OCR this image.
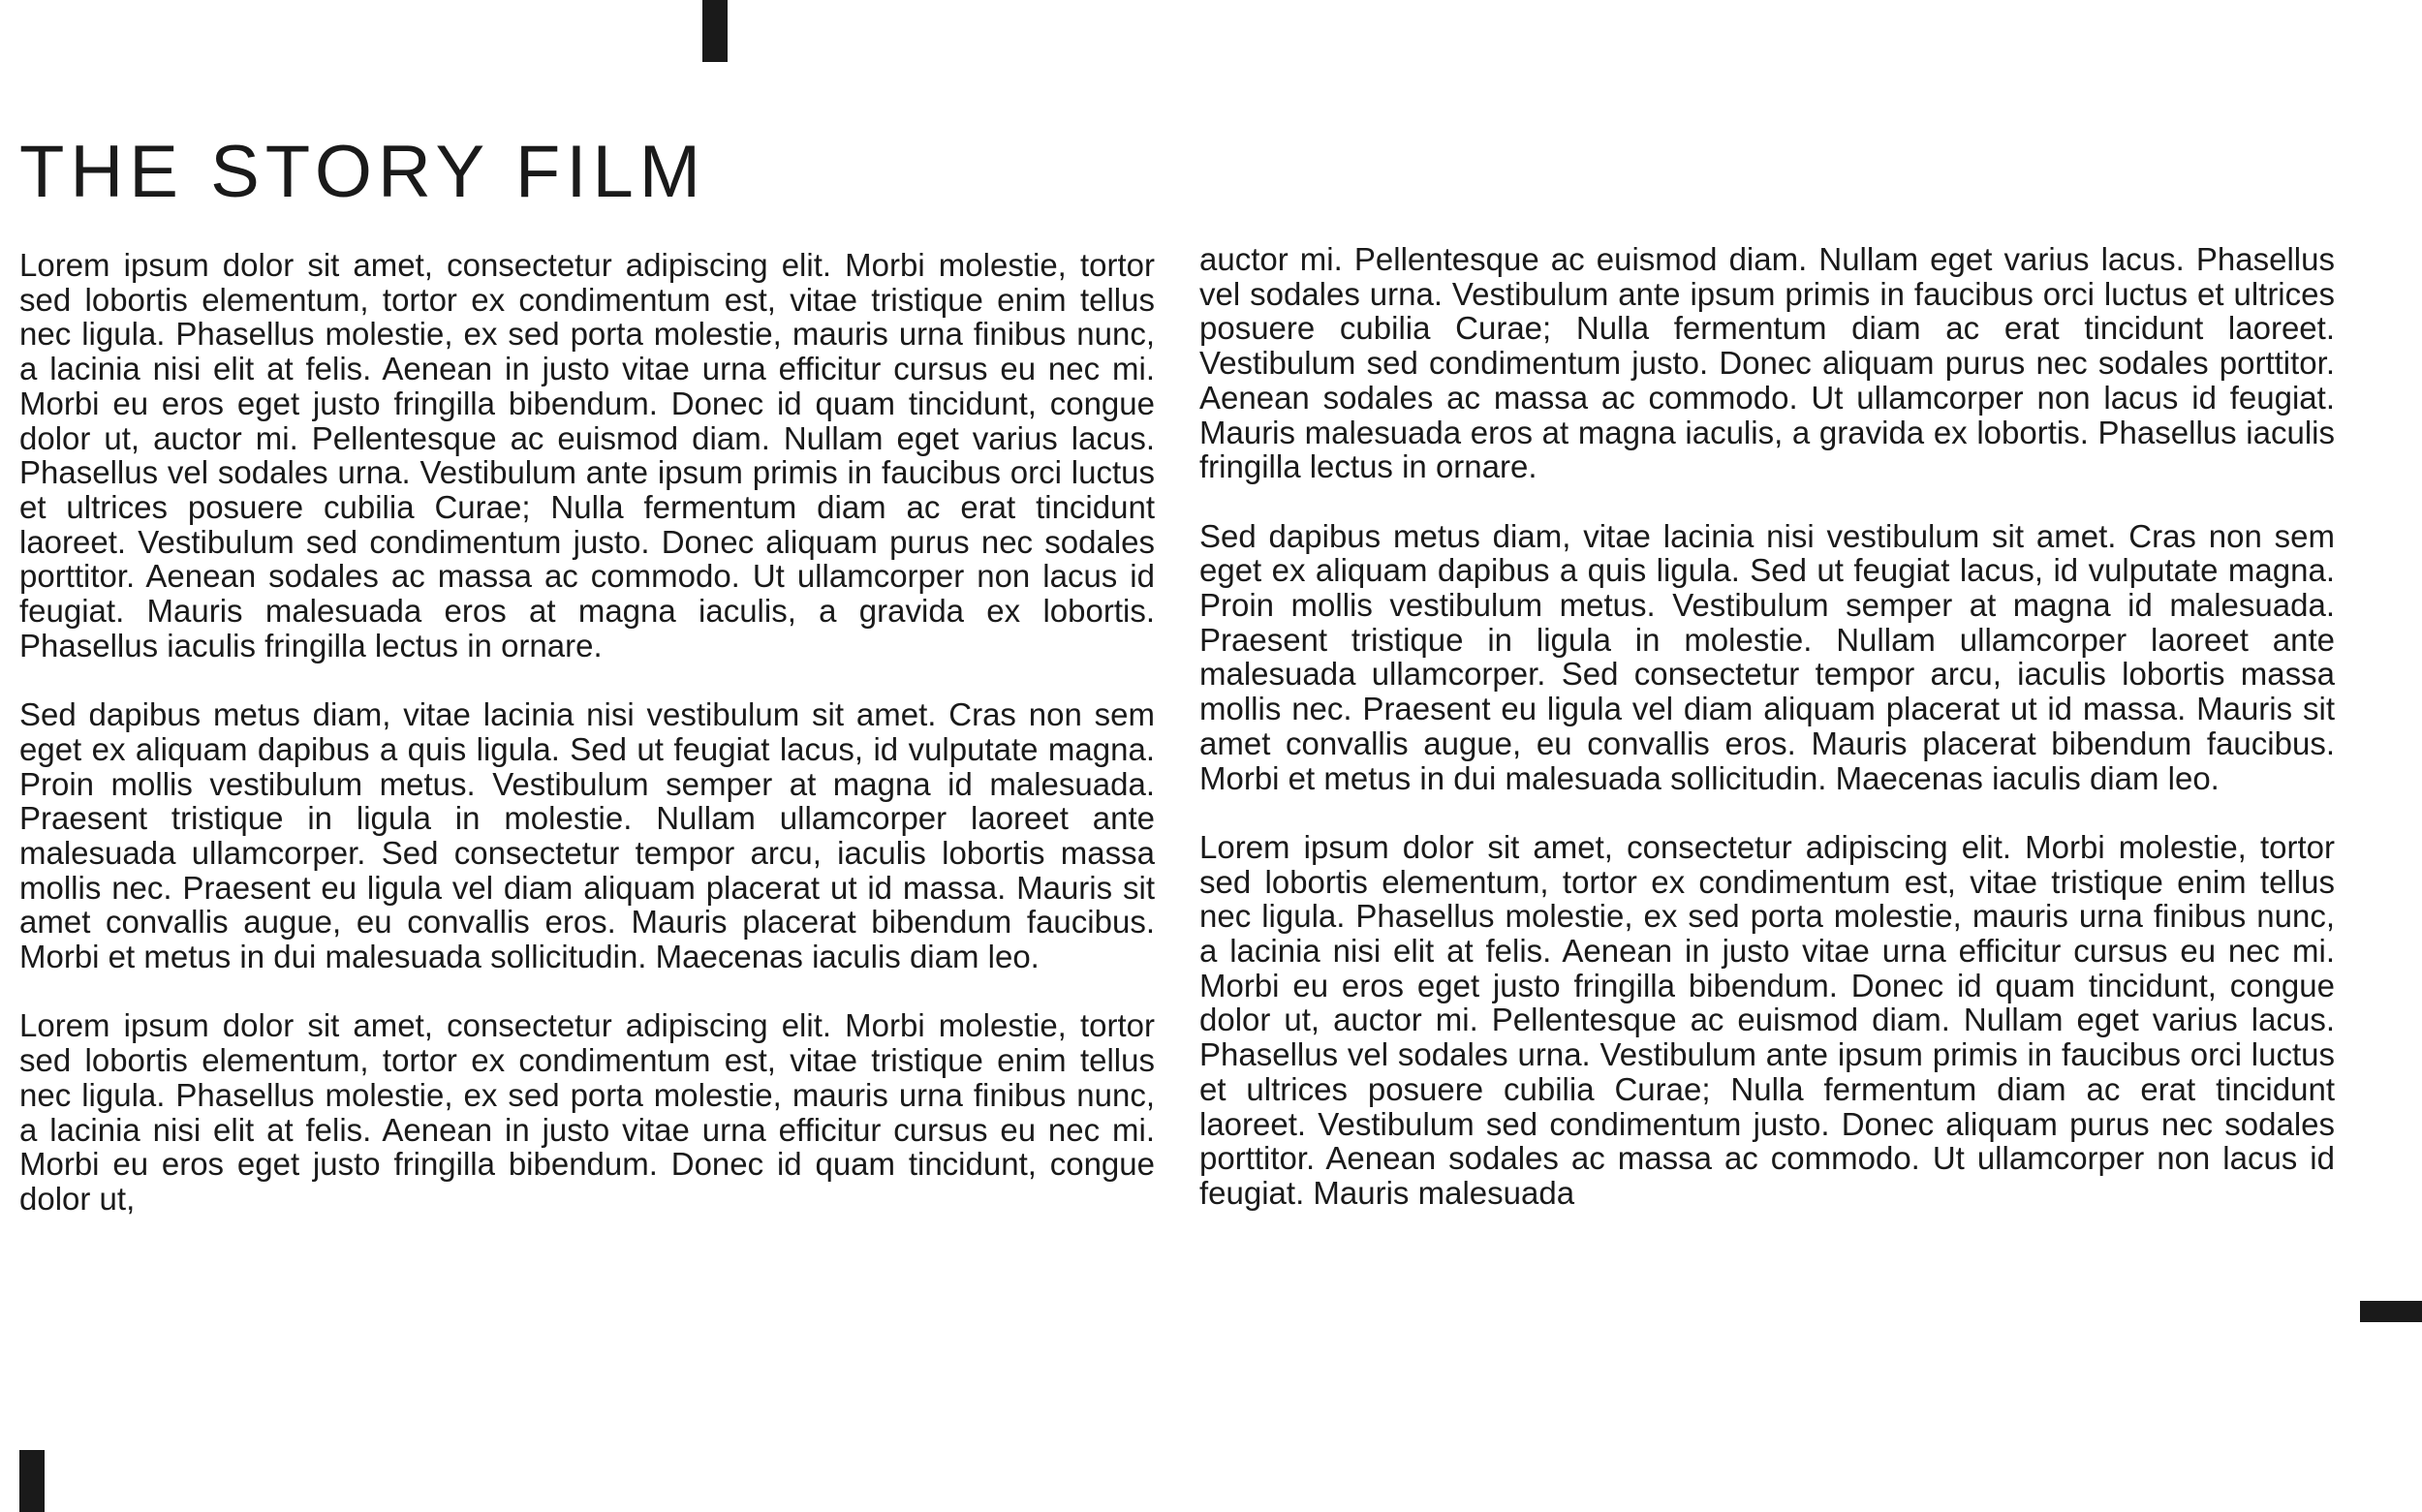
THE STORY FILM

Lorem ipsum dolor sit amet, consectetur adipiscing elit. Morbi molestie, tortor sed lobortis elementum, tortor ex condimentum est, vitae tristique enim tellus nec ligula. Phasellus molestie, ex sed porta molestie, mauris urna finibus nunc, a lacinia nisi elit at felis. Aenean in justo vitae urna efficitur cursus eu nec mi. Morbi eu eros eget justo fringilla bibendum. Donec id quam tincidunt, congue dolor ut, auctor mi. Pellentesque ac euismod diam. Nullam eget varius lacus. Phasellus vel sodales urna. Vestibulum ante ipsum primis in faucibus orci luctus et ultrices posuere cubilia Curae; Nulla fermentum diam ac erat tincidunt laoreet. Vestibulum sed condimentum justo. Donec aliquam purus nec sodales porttitor. Aenean sodales ac massa ac commodo. Ut ullamcorper non lacus id feugiat. Mauris malesuada eros at magna iaculis, a gravida ex lobortis. Phasellus iaculis fringilla lectus in ornare.

Sed dapibus metus diam, vitae lacinia nisi vestibulum sit amet. Cras non sem eget ex aliquam dapibus a quis ligula. Sed ut feugiat lacus, id vulputate magna. Proin mollis vestibulum metus. Vestibulum semper at magna id malesuada. Praesent tristique in ligula in molestie. Nullam ullamcorper laoreet ante malesuada ullamcorper. Sed consectetur tempor arcu, iaculis lobortis massa mollis nec. Praesent eu ligula vel diam aliquam placerat ut id massa. Mauris sit amet convallis augue, eu convallis eros. Mauris placerat bibendum faucibus. Morbi et metus in dui malesuada sollicitudin. Maecenas iaculis diam leo.

Lorem ipsum dolor sit amet, consectetur adipiscing elit. Morbi molestie, tortor sed lobortis elementum, tortor ex condimentum est, vitae tristique enim tellus nec ligula. Phasellus molestie, ex sed porta molestie, mauris urna finibus nunc, a lacinia nisi elit at felis. Aenean in justo vitae urna efficitur cursus eu nec mi. Morbi eu eros eget justo fringilla bibendum. Donec id quam tincidunt, congue dolor ut,

auctor mi. Pellentesque ac euismod diam. Nullam eget varius lacus. Phasellus vel sodales urna. Vestibulum ante ipsum primis in faucibus orci luctus et ultrices posuere cubilia Curae; Nulla fermentum diam ac erat tincidunt laoreet. Vestibulum sed condimentum justo. Donec aliquam purus nec sodales porttitor. Aenean sodales ac massa ac commodo. Ut ullamcorper non lacus id feugiat. Mauris malesuada eros at magna iaculis, a gravida ex lobortis. Phasellus iaculis fringilla lectus in ornare.

Sed dapibus metus diam, vitae lacinia nisi vestibulum sit amet. Cras non sem eget ex aliquam dapibus a quis ligula. Sed ut feugiat lacus, id vulputate magna. Proin mollis vestibulum metus. Vestibulum semper at magna id malesuada. Praesent tristique in ligula in molestie. Nullam ullamcorper laoreet ante malesuada ullamcorper. Sed consectetur tempor arcu, iaculis lobortis massa mollis nec. Praesent eu ligula vel diam aliquam placerat ut id massa. Mauris sit amet convallis augue, eu convallis eros. Mauris placerat bibendum faucibus. Morbi et metus in dui malesuada sollicitudin. Maecenas iaculis diam leo.

Lorem ipsum dolor sit amet, consectetur adipiscing elit. Morbi molestie, tortor sed lobortis elementum, tortor ex condimentum est, vitae tristique enim tellus nec ligula. Phasellus molestie, ex sed porta molestie, mauris urna finibus nunc, a lacinia nisi elit at felis. Aenean in justo vitae urna efficitur cursus eu nec mi. Morbi eu eros eget justo fringilla bibendum. Donec id quam tincidunt, congue dolor ut, auctor mi. Pellentesque ac euismod diam. Nullam eget varius lacus. Phasellus vel sodales urna. Vestibulum ante ipsum primis in faucibus orci luctus et ultrices posuere cubilia Curae; Nulla fermentum diam ac erat tincidunt laoreet. Vestibulum sed condimentum justo. Donec aliquam purus nec sodales porttitor. Aenean sodales ac massa ac commodo. Ut ullamcorper non lacus id feugiat. Mauris malesuada
